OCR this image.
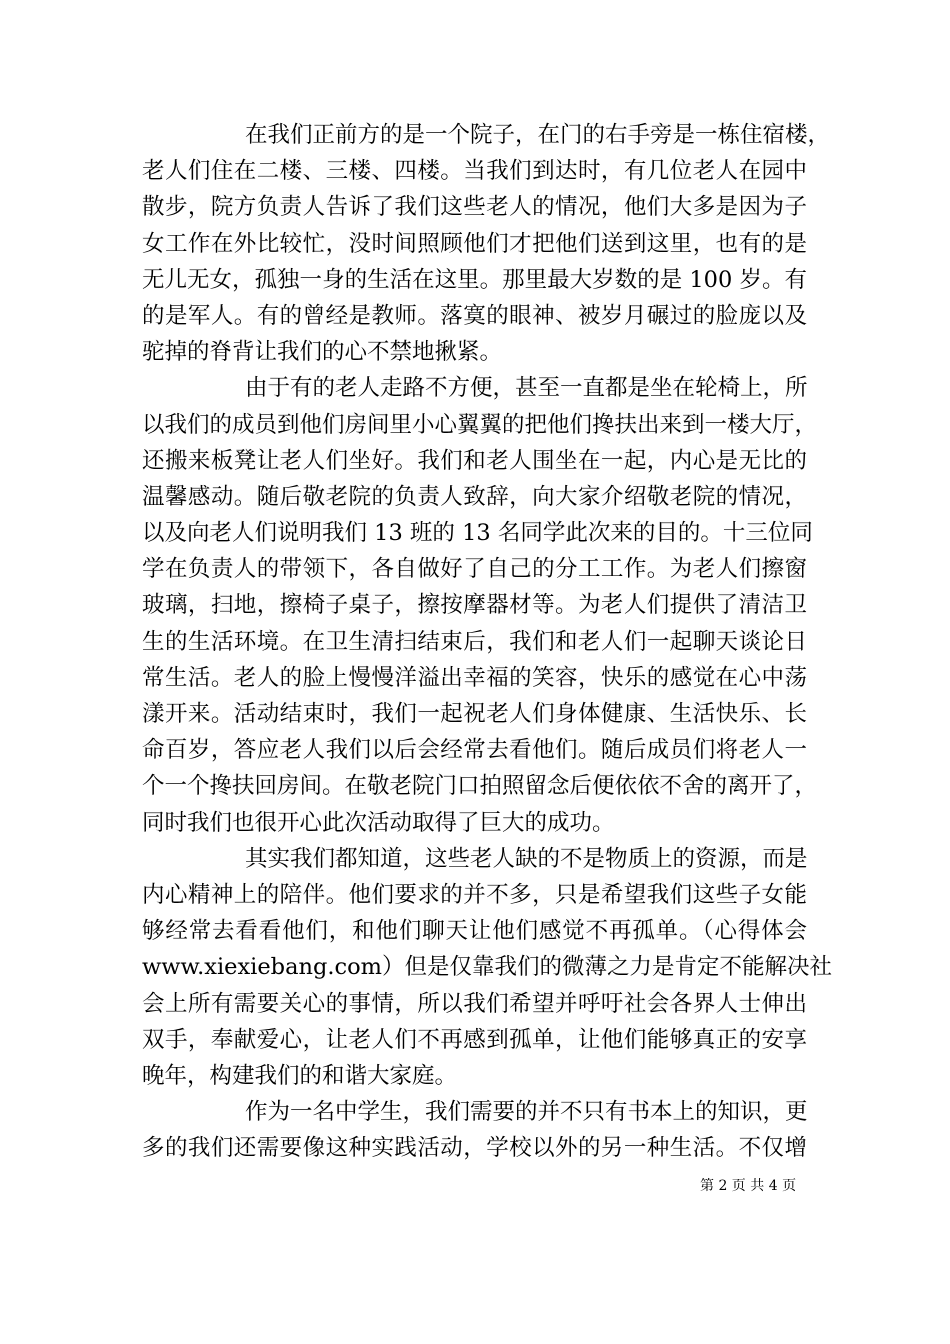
在我们正前方的是一个院子，在门的右手旁是一栋住宿楼，
老人们住在二楼、三楼、四楼。当我们到达时，有几位老人在园中
散步，院方负责人告诉了我们这些老人的情况，他们大多是因为子
女工作在外比较忙，没时间照顾他们才把他们送到这里，也有的是
无儿无女，孤独一身的生活在这里。那里最大岁数的是 100 岁。有
的是军人。有的曾经是教师。落寞的眼神、被岁月碾过的脸庞以及
驼掉的脊背让我们的心不禁地揪紧。
由于有的老人走路不方便，甚至一直都是坐在轮椅上，所
以我们的成员到他们房间里小心翼翼的把他们搀扶出来到一楼大厅，
还搬来板凳让老人们坐好。我们和老人围坐在一起，内心是无比的
温馨感动。随后敬老院的负责人致辞，向大家介绍敬老院的情况，
以及向老人们说明我们 13 班的 13 名同学此次来的目的。十三位同
学在负责人的带领下，各自做好了自己的分工工作。为老人们擦窗
玻璃，扫地，擦椅子桌子，擦按摩器材等。为老人们提供了清洁卫
生的生活环境。在卫生清扫结束后，我们和老人们一起聊天谈论日
常生活。老人的脸上慢慢洋溢出幸福的笑容，快乐的感觉在心中荡
漾开来。活动结束时，我们一起祝老人们身体健康、生活快乐、长
命百岁，答应老人我们以后会经常去看他们。随后成员们将老人一
个一个搀扶回房间。在敬老院门口拍照留念后便依依不舍的离开了，
同时我们也很开心此次活动取得了巨大的成功。
其实我们都知道，这些老人缺的不是物质上的资源，而是
内心精神上的陪伴。他们要求的并不多，只是希望我们这些子女能
够经常去看看他们，和他们聊天让他们感觉不再孤单。（心得体会
www.xiexiebang.com）但是仅靠我们的微薄之力是肯定不能解决社
会上所有需要关心的事情，所以我们希望并呼吁社会各界人士伸出
双手，奉献爱心，让老人们不再感到孤单，让他们能够真正的安享
晚年，构建我们的和谐大家庭。
作为一名中学生，我们需要的并不只有书本上的知识，更
多的我们还需要像这种实践活动，学校以外的另一种生活。不仅增
第 2 页 共 4 页
